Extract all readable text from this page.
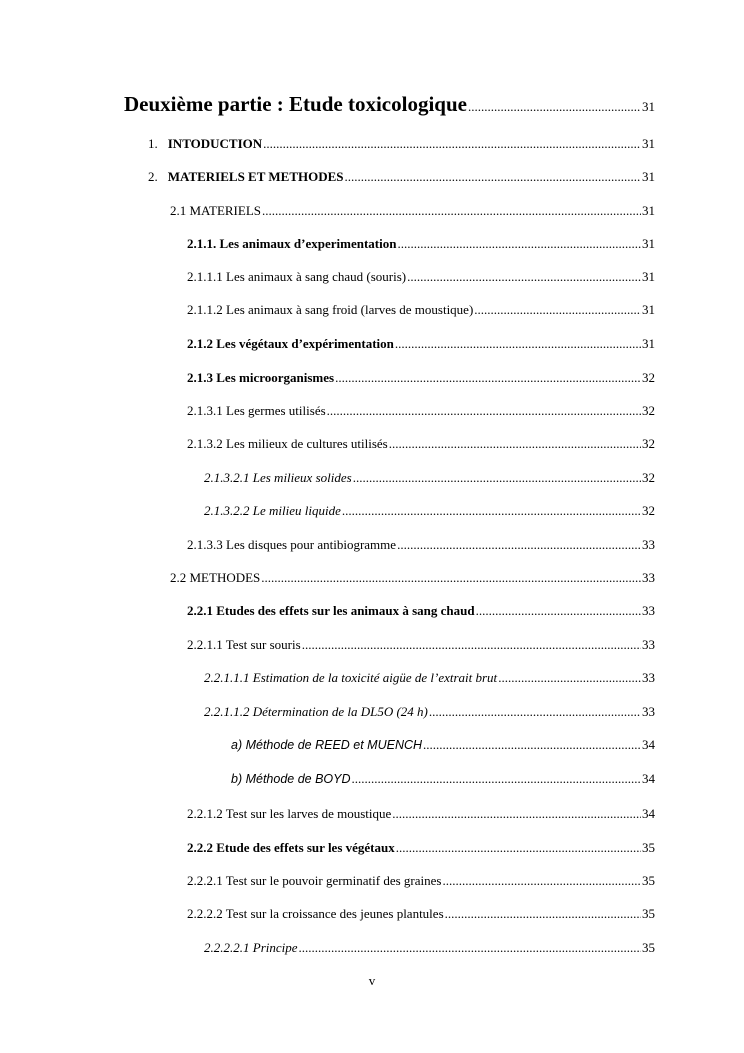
Deuxième partie : Etude toxicologique .....	31
1. INTODUCTION .....	31
2. MATERIELS ET METHODES .....	31
2.1 MATERIELS .....	31
2.1.1. Les animaux d’experimentation .....	31
2.1.1.1 Les animaux à sang chaud (souris) .....	31
2.1.1.2 Les animaux à sang froid (larves de moustique) .....	31
2.1.2 Les végétaux d’expérimentation .....	31
2.1.3 Les microorganismes .....	32
2.1.3.1 Les germes utilisés .....	32
2.1.3.2 Les milieux de cultures utilisés .....	32
2.1.3.2.1 Les milieux solides .....	32
2.1.3.2.2 Le milieu liquide .....	32
2.1.3.3 Les disques pour antibiogramme .....	33
2.2 METHODES .....	33
2.2.1 Etudes des effets sur les animaux à sang chaud .....	33
2.2.1.1 Test sur souris .....	33
2.2.1.1.1 Estimation de la toxicité aigüe de l’extrait brut .....	33
2.2.1.1.2 Détermination de la DL5O (24 h) .....	33
a) Méthode de REED et MUENCH .....	34
b) Méthode de BOYD .....	34
2.2.1.2 Test sur les larves de moustique .....	34
2.2.2 Etude des effets sur les végétaux .....	35
2.2.2.1 Test sur le pouvoir germinatif des graines .....	35
2.2.2.2 Test sur la croissance des jeunes plantules .....	35
2.2.2.2.1 Principe .....	35
v
